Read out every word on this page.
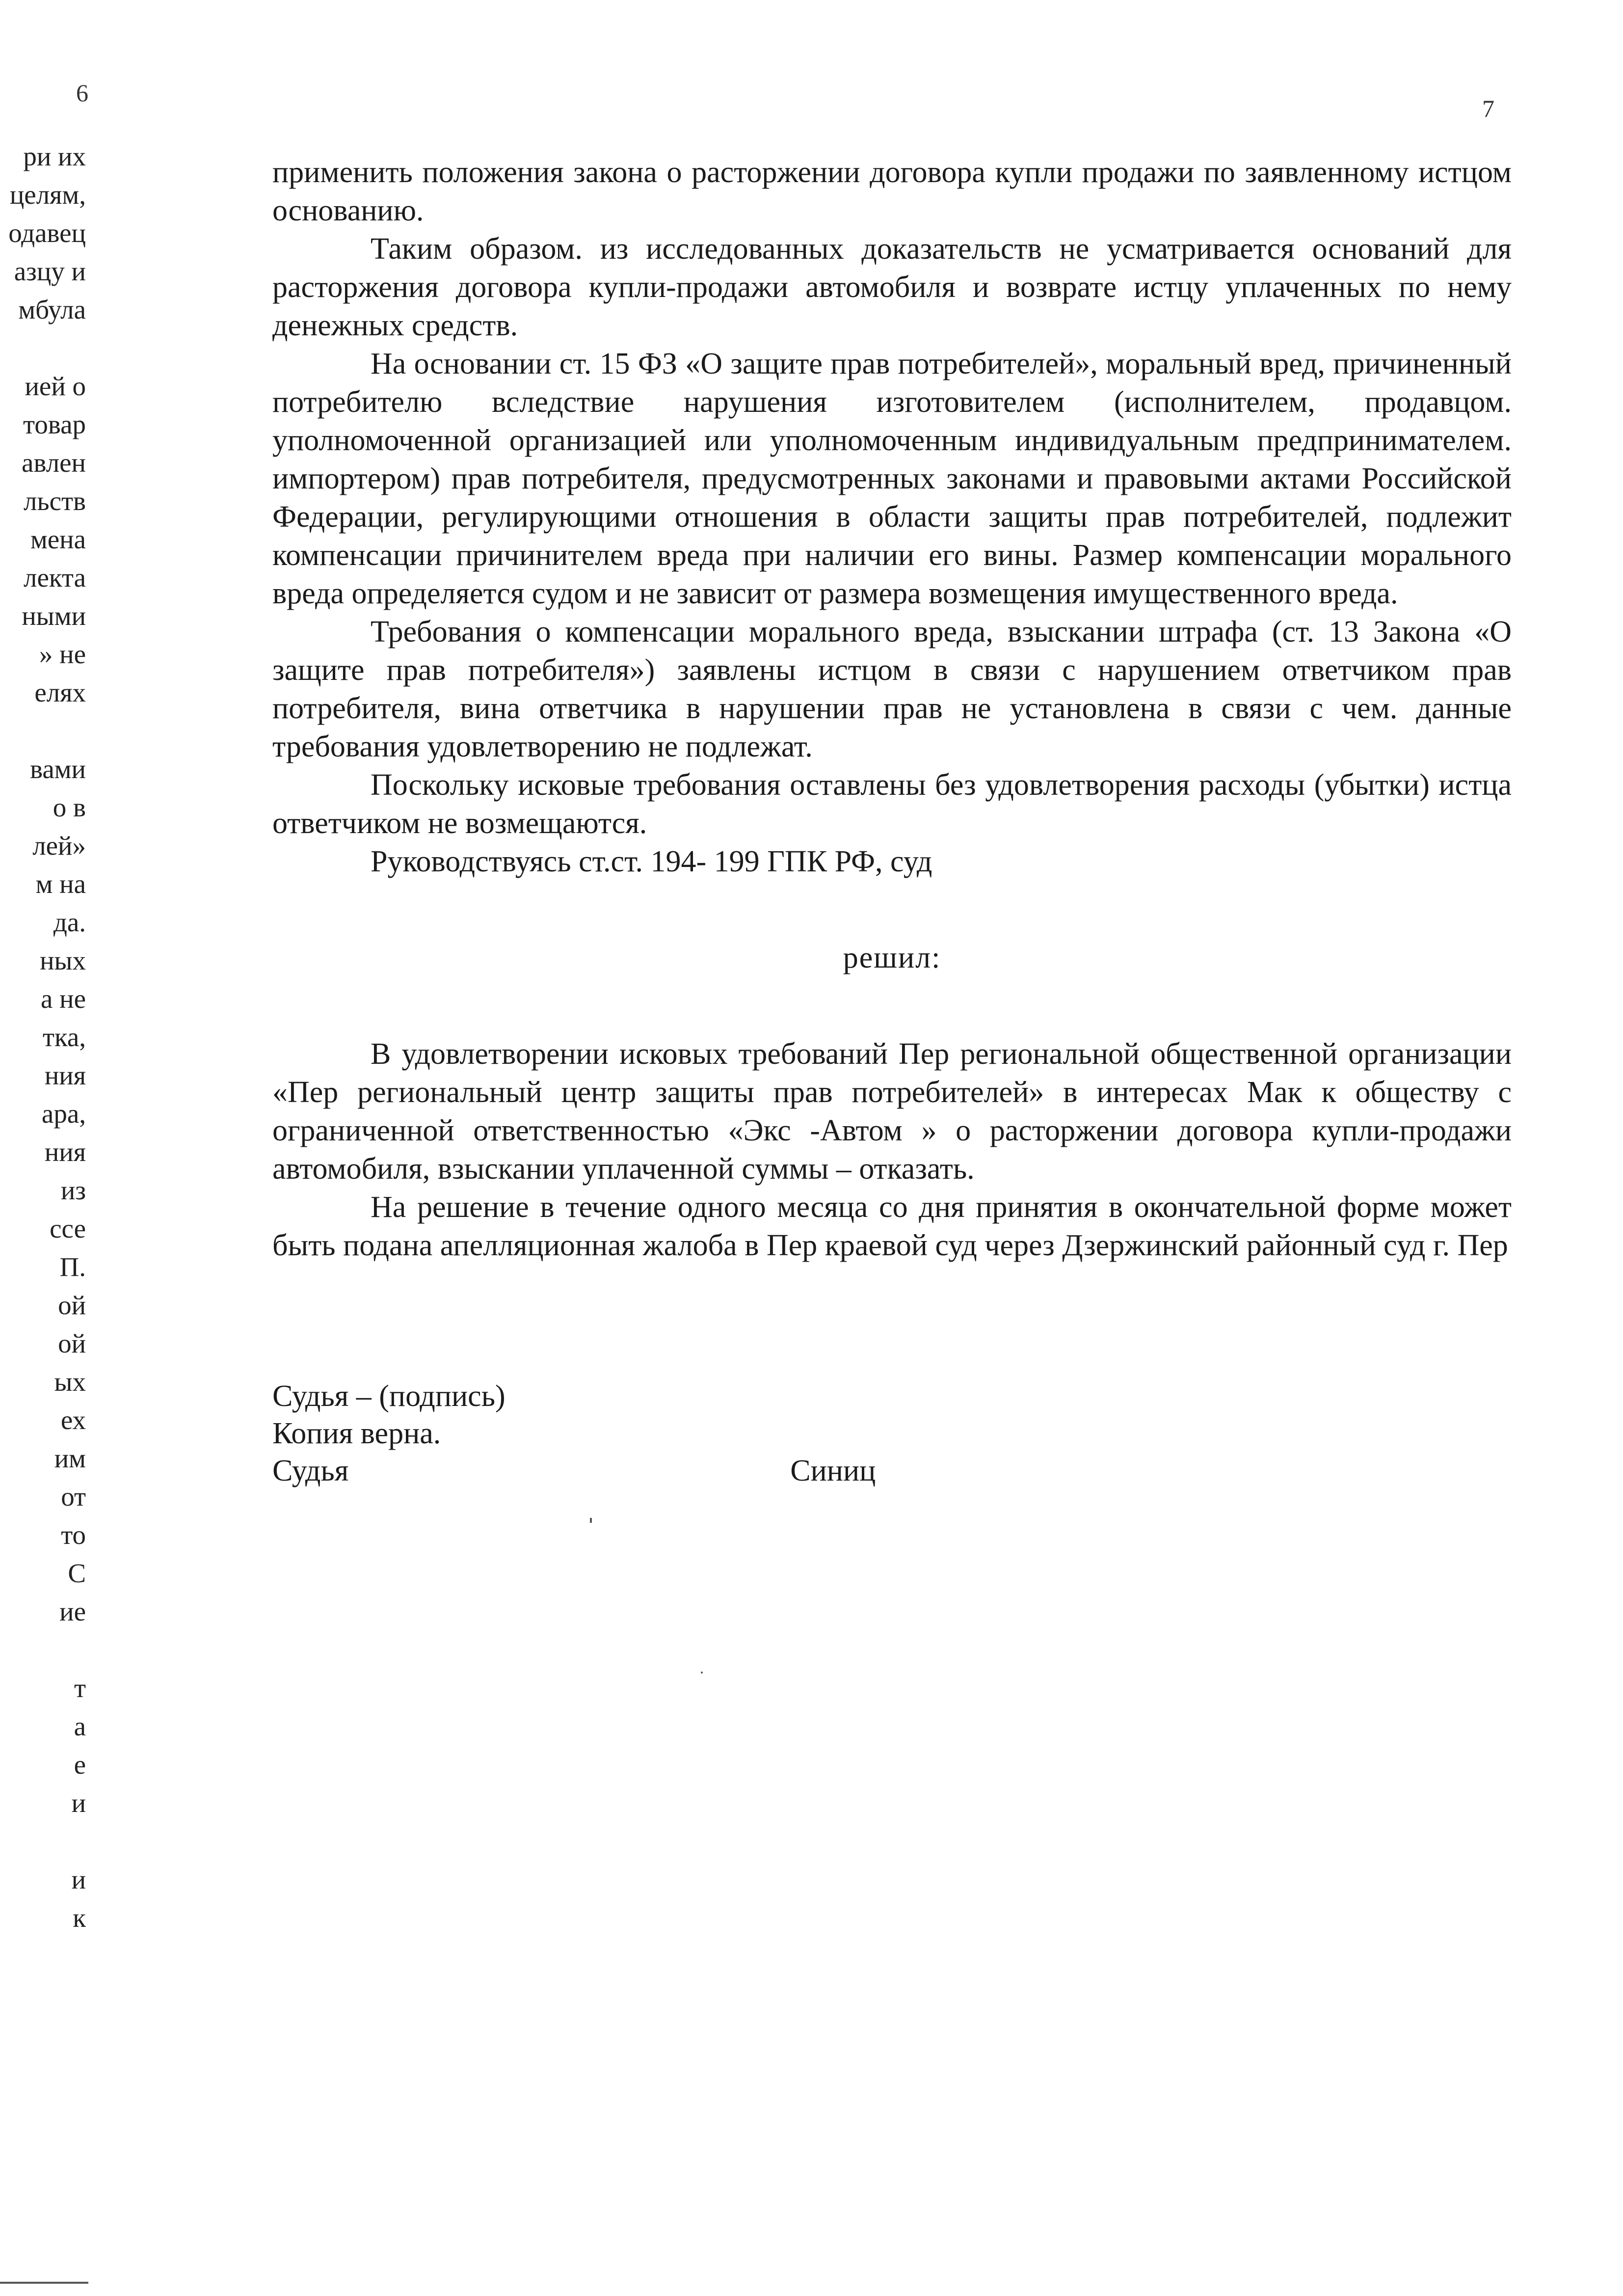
6
7
ри их
целям,
одавец
азцу и
мбула
ией о
товар
авлен
льств
мена
лекта
ными
» не
елях
вами
о в
лей»
м на
да.
ных
а не
тка,
ния
ара,
ния
из
ссе
П.
ой
ой
ых
ех
им
от
то
С
ие
т
а
е
и
и
к

применить положения закона о расторжении договора купли продажи по заявленному истцом основанию.

Таким образом. из исследованных доказательств не усматривается оснований для расторжения договора купли-продажи автомобиля и возврате истцу уплаченных по нему денежных средств.

На основании ст. 15 ФЗ «О защите прав потребителей», моральный вред, причиненный потребителю вследствие нарушения изготовителем (исполнителем, продавцом. уполномоченной организацией или уполномоченным индивидуальным предпринимателем. импортером) прав потребителя, предусмотренных законами и правовыми актами Российской Федерации, регулирующими отношения в области защиты прав потребителей, подлежит компенсации причинителем вреда при наличии его вины. Размер компенсации морального вреда определяется судом и не зависит от размера возмещения имущественного вреда.

Требования о компенсации морального вреда, взыскании штрафа (ст. 13 Закона «О защите прав потребителя») заявлены истцом в связи с нарушением ответчиком прав потребителя, вина ответчика в нарушении прав не установлена в связи с чем. данные требования удовлетворению не подлежат.

Поскольку исковые требования оставлены без удовлетворения расходы (убытки) истца ответчиком не возмещаются.

Руководствуясь ст.ст. 194- 199 ГПК РФ, суд

решил:

В удовлетворении исковых требований Пер региональной общественной организации «Пер региональный центр защиты прав потребителей» в интересах Мак к обществу с ограниченной ответственностью «Экс -Автом » о расторжении договора купли-продажи автомобиля, взыскании уплаченной суммы – отказать.

На решение в течение одного месяца со дня принятия в окончательной форме может быть подана апелляционная жалоба в Пер краевой суд через Дзержинский районный суд г. Пер

Судья – (подпись)
Копия верна.
Судья	Синиц
